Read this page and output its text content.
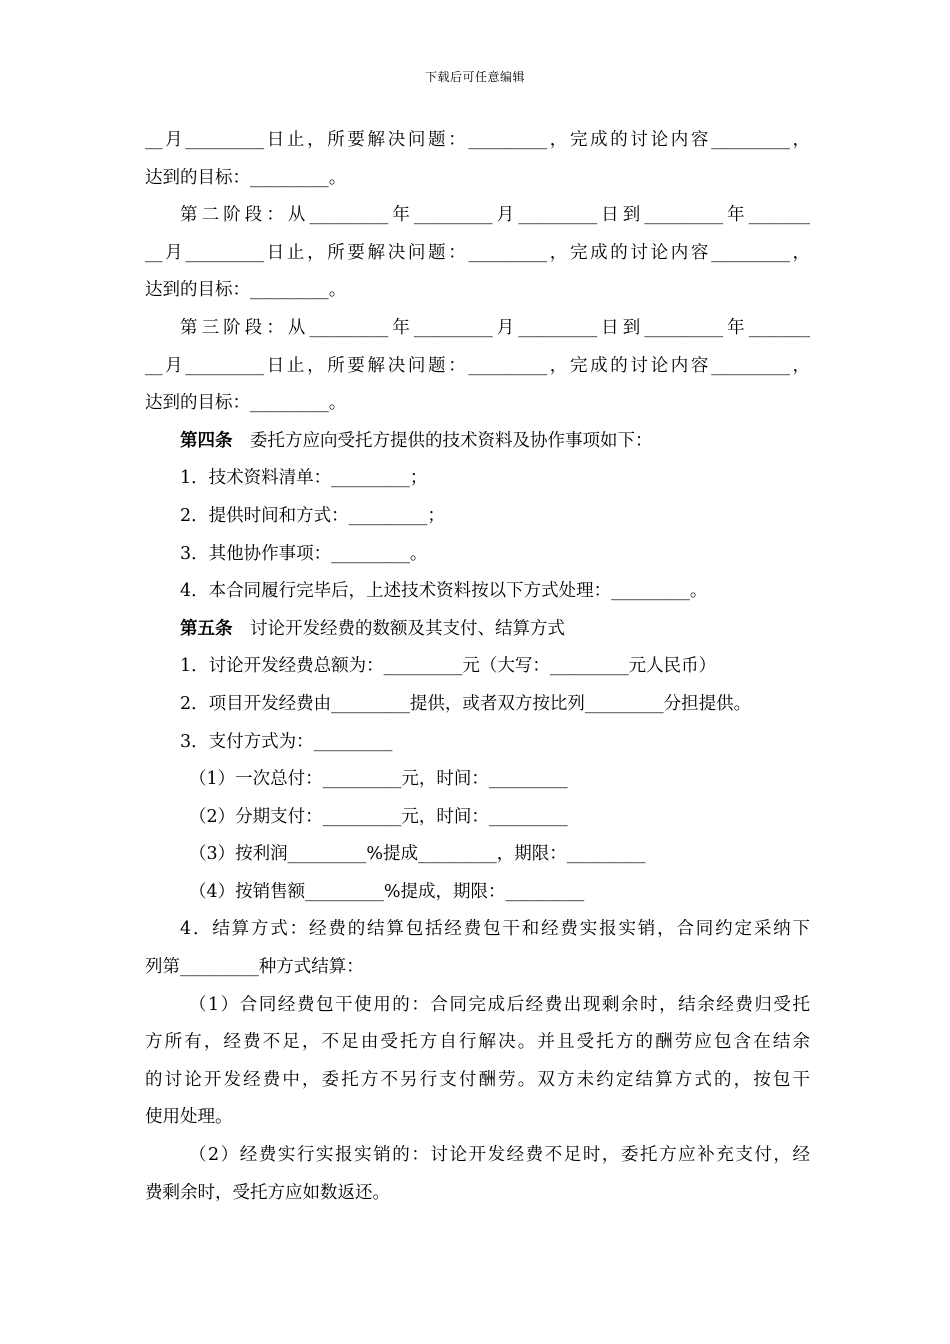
下载后可任意编辑
__月_________日止，所要解决问题：_________，完成的讨论内容_________，
达到的目标：_________。
第二阶段：从_________年_________月_________日到_________年_______
__月_________日止，所要解决问题：_________，完成的讨论内容_________，
达到的目标：_________。
第三阶段：从_________年_________月_________日到_________年_______
__月_________日止，所要解决问题：_________，完成的讨论内容_________，
达到的目标：_________。
第四条　委托方应向受托方提供的技术资料及协作事项如下：
1．技术资料清单：_________；
2．提供时间和方式：_________；
3．其他协作事项：_________。
4．本合同履行完毕后，上述技术资料按以下方式处理：_________。
第五条　讨论开发经费的数额及其支付、结算方式
1．讨论开发经费总额为：_________元（大写：_________元人民币）
2．项目开发经费由_________提供，或者双方按比列_________分担提供。
3．支付方式为：_________
（1）一次总付：_________元，时间：_________
（2）分期支付：_________元，时间：_________
（3）按利润_________%提成_________，期限：_________
（4）按销售额_________%提成，期限：_________
4．结算方式：经费的结算包括经费包干和经费实报实销，合同约定采纳下
列第_________种方式结算：
（1）合同经费包干使用的：合同完成后经费出现剩余时，结余经费归受托
方所有，经费不足，不足由受托方自行解决。并且受托方的酬劳应包含在结余
的讨论开发经费中，委托方不另行支付酬劳。双方未约定结算方式的，按包干
使用处理。
（2）经费实行实报实销的：讨论开发经费不足时，委托方应补充支付，经
费剩余时，受托方应如数返还。
